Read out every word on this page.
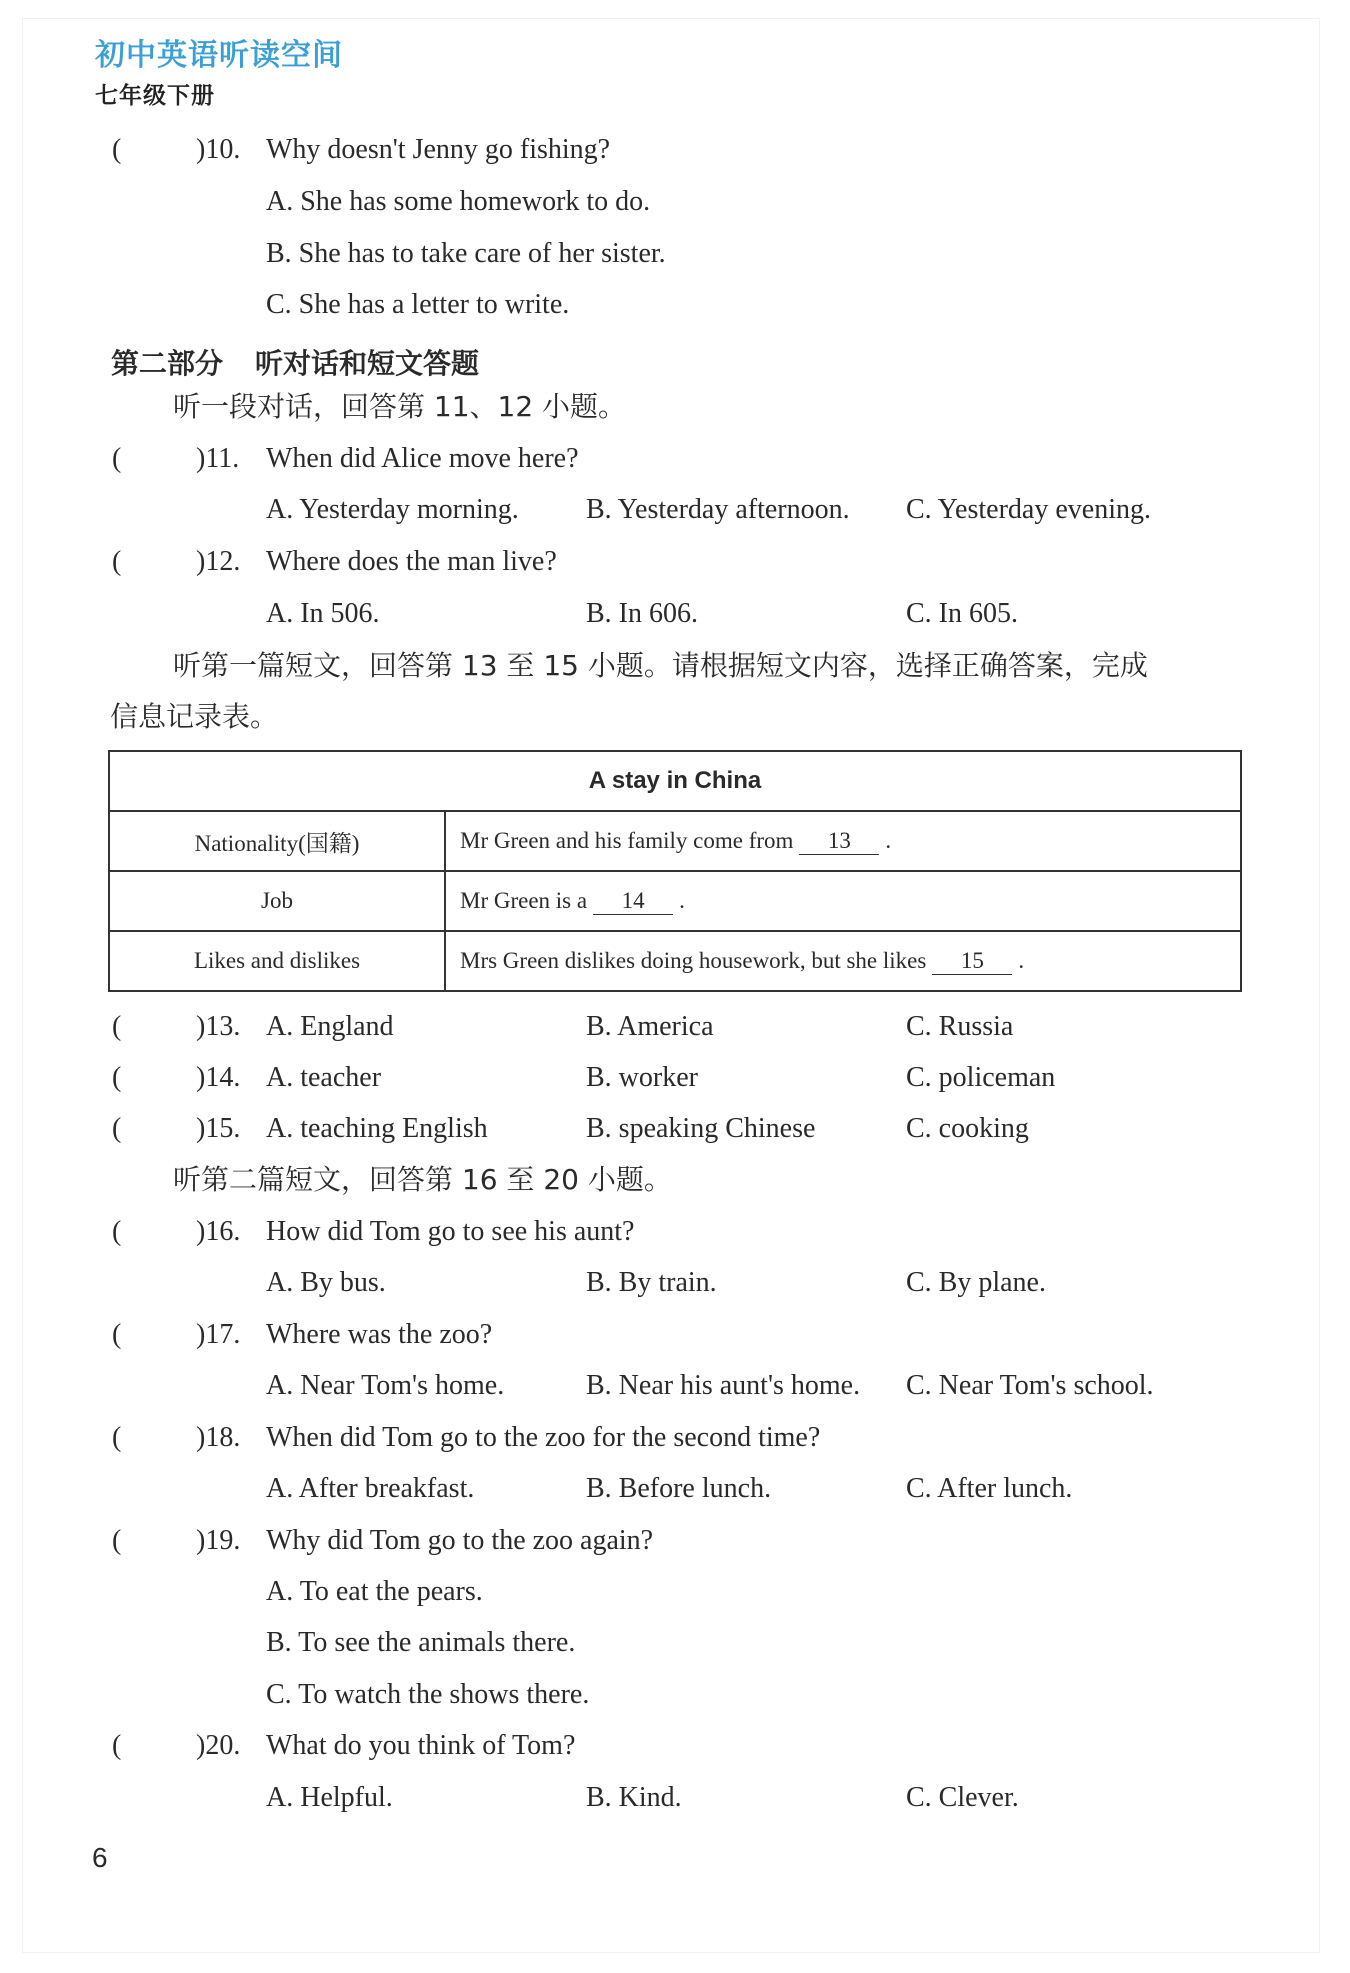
初中英语听读空间
七年级下册
(	)10. Why doesn't Jenny go fishing?
A. She has some homework to do.
B. She has to take care of her sister.
C. She has a letter to write.
第二部分 听对话和短文答题
听一段对话，回答第 11、12 小题。
(	)11. When did Alice move here?
A. Yesterday morning. B. Yesterday afternoon. C. Yesterday evening.
(	)12. Where does the man live?
A. In 506.	B. In 606.	C. In 605.
听第一篇短文，回答第 13 至 15 小题。请根据短文内容，选择正确答案，完成
信息记录表。
A stay in China	
Nationality(国籍)	Mr Green and his family come from 13 .
Job	Mr Green is a 14 .
Likes and dislikes	Mrs Green dislikes doing housework, but she likes 15 .
(	)13. A. England	B. America	C. Russia
(	)14. A. teacher	B. worker	C. policeman
(	)15. A. teaching English	B. speaking Chinese	C. cooking
听第二篇短文，回答第 16 至 20 小题。
(	)16. How did Tom go to see his aunt?
A. By bus.	B. By train.	C. By plane.
(	)17. Where was the zoo?
A. Near Tom's home.	B. Near his aunt's home. C. Near Tom's school.
(	)18. When did Tom go to the zoo for the second time?
A. After breakfast.	B. Before lunch.	C. After lunch.
(	)19. Why did Tom go to the zoo again?
A. To eat the pears.
B. To see the animals there.
C. To watch the shows there.
(	)20. What do you think of Tom?
A. Helpful.	B. Kind.	C. Clever.
6
